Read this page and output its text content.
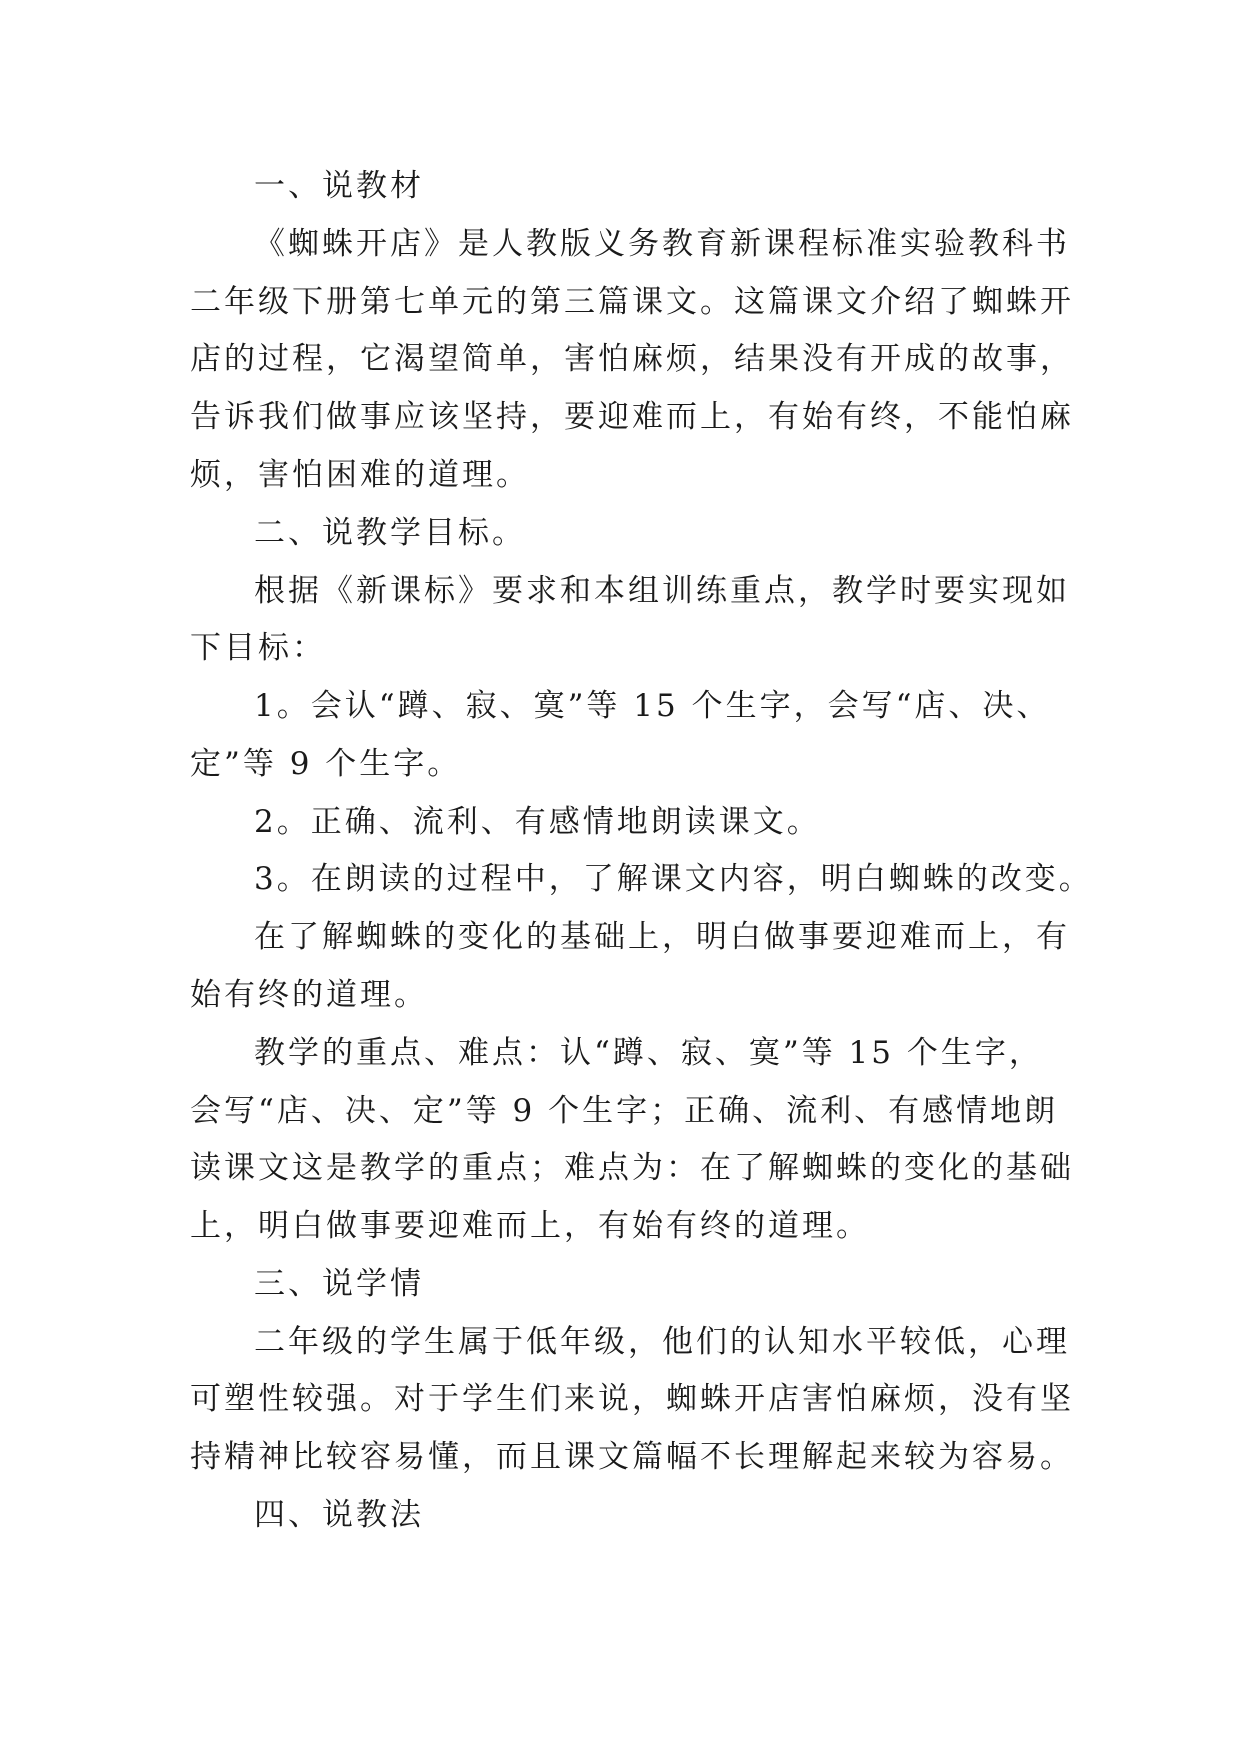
一、说教材

《蜘蛛开店》是人教版义务教育新课程标准实验教科书

二年级下册第七单元的第三篇课文。这篇课文介绍了蜘蛛开

店的过程，它渴望简单，害怕麻烦，结果没有开成的故事，

告诉我们做事应该坚持，要迎难而上，有始有终，不能怕麻

烦，害怕困难的道理。

二、说教学目标。

根据《新课标》要求和本组训练重点，教学时要实现如

下目标：

1。会认“蹲、寂、寞”等 15 个生字，会写“店、决、

定”等 9 个生字。

2。正确、流利、有感情地朗读课文。

3。在朗读的过程中，了解课文内容，明白蜘蛛的改变。

在了解蜘蛛的变化的基础上，明白做事要迎难而上，有

始有终的道理。

教学的重点、难点：认“蹲、寂、寞”等 15 个生字，

会写“店、决、定”等 9 个生字；正确、流利、有感情地朗

读课文这是教学的重点；难点为：在了解蜘蛛的变化的基础

上，明白做事要迎难而上，有始有终的道理。

三、说学情

二年级的学生属于低年级，他们的认知水平较低，心理

可塑性较强。对于学生们来说，蜘蛛开店害怕麻烦，没有坚

持精神比较容易懂，而且课文篇幅不长理解起来较为容易。

四、说教法
